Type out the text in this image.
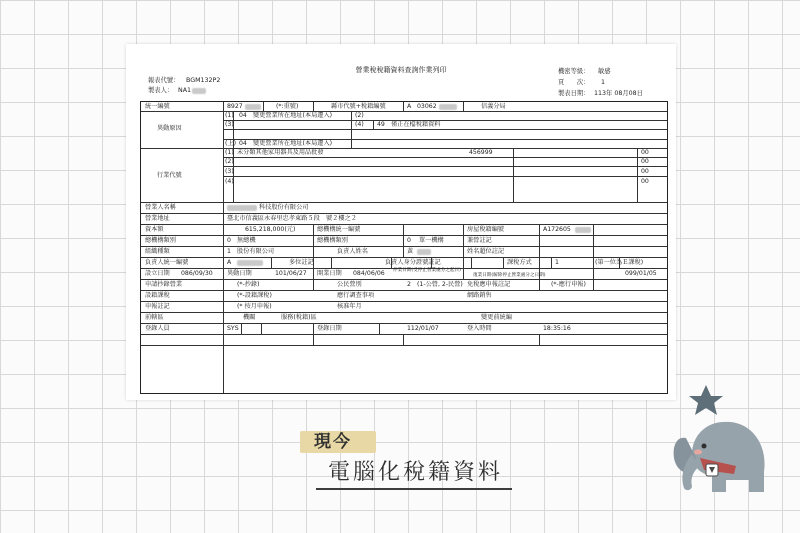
營業稅稅籍資料查詢作業列印
報表代號： BGM132P2
製表人： NA1
機密等級： 敏感
頁　　次： 1
製表日期： 113年 08月08日
統一編號	8927	(*:重號)	縣市代號+稅籍編號	A 03062	信義分局
異動原因
(1) 04 變更營業所在地址(本局遷入)	(2)
(3)	(4) 49 僅正在檔稅籍資料
(上) 04 變更營業所在地址(本局遷入)
行業代號
(1) 未分類其他家用器具及用品批發	456999	00
(2)	00
(3)	00
(4)	00
營業人名稱	科技股份有限公司
營業地址	臺北市信義區永春里忠孝東路５段　號２樓之２
資本額	615,218,000(元)	總機構統一編號	房屋稅籍編號	A172605
總機構類別	0 無總機	總機構類別	0 單一機構	兼營註記
組織種類	1 股份有限公司	負責人姓名	黃	姓名超位註記
負責人統一編號	A	多位註記	負責人身分證號註記	課稅方式	1	(第一位為Ｅ課稅)
設立日期 086/09/30 異動日期	101/06/27 開業日期 084/06/06 停業日期(受停止營業處分之起日)
復業日期(解除停止營業處分之日期)	099/01/05
申請抄錄營業	(*-抄錄)	公民營別	2 (1-公營, 2-民營) 免稅應申報註記	(*-應行申報)
設籍課稅	(*-設籍課稅)	應行調查事項	網路銷售
申報註記	(* 按月申報)	核准年月
前轄區	機關	服務(稅籍)區	變更前統編
登錄人員	SYS	登錄日期	112/01/07	登入時間	18:35:16
現今
電腦化稅籍資料
